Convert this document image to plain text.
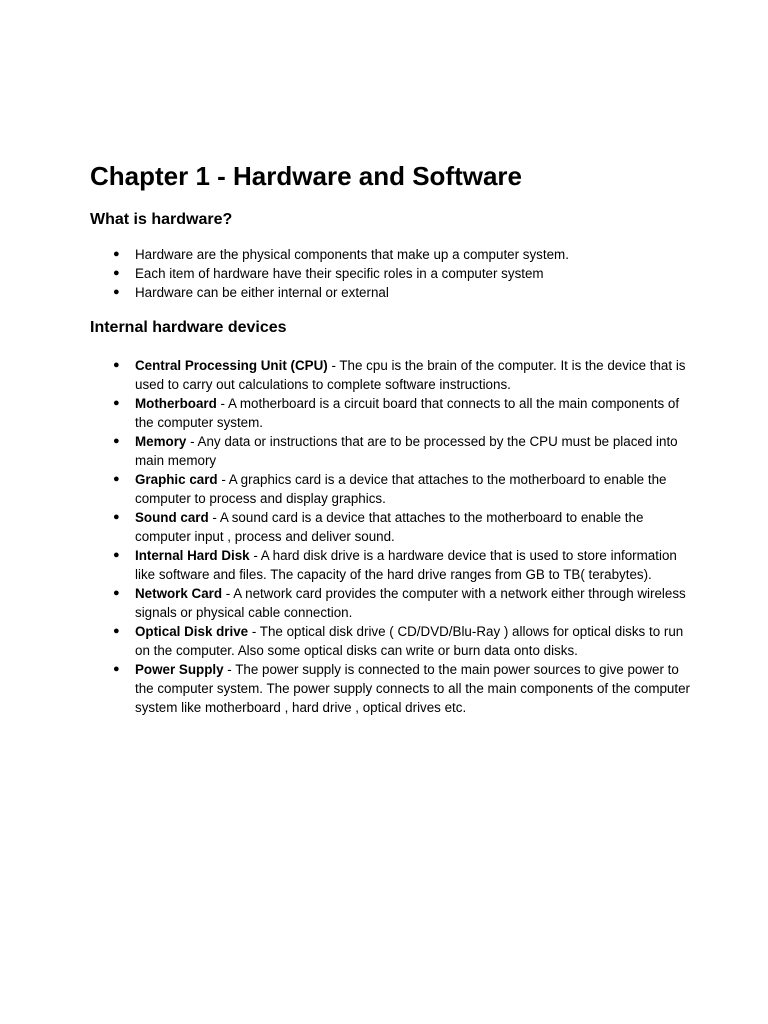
Chapter 1 - Hardware and Software
What is hardware?
● Hardware are the physical components that make up a computer system.
● Each item of hardware have their specific roles in a computer system
● Hardware can be either internal or external
Internal hardware devices
● Central Processing Unit (CPU) - The cpu is the brain of the computer. It is the device that is used to carry out calculations to complete software instructions.
● Motherboard - A motherboard is a circuit board that connects to all the main components of the computer system.
● Memory - Any data or instructions that are to be processed by the CPU must be placed into main memory
● Graphic card - A graphics card is a device that attaches to the motherboard to enable the computer to process and display graphics.
● Sound card - A sound card is a device that attaches to the motherboard to enable the computer input , process and deliver sound.
● Internal Hard Disk - A hard disk drive is a hardware device that is used to store information like software and files. The capacity of the hard drive ranges from GB to TB( terabytes).
● Network Card - A network card provides the computer with a network either through wireless signals or physical cable connection.
● Optical Disk drive - The optical disk drive ( CD/DVD/Blu-Ray ) allows for optical disks to run on the computer. Also some optical disks can write or burn data onto disks.
● Power Supply - The power supply is connected to the main power sources to give power to the computer system. The power supply connects to all the main components of the computer system like motherboard , hard drive , optical drives etc.
